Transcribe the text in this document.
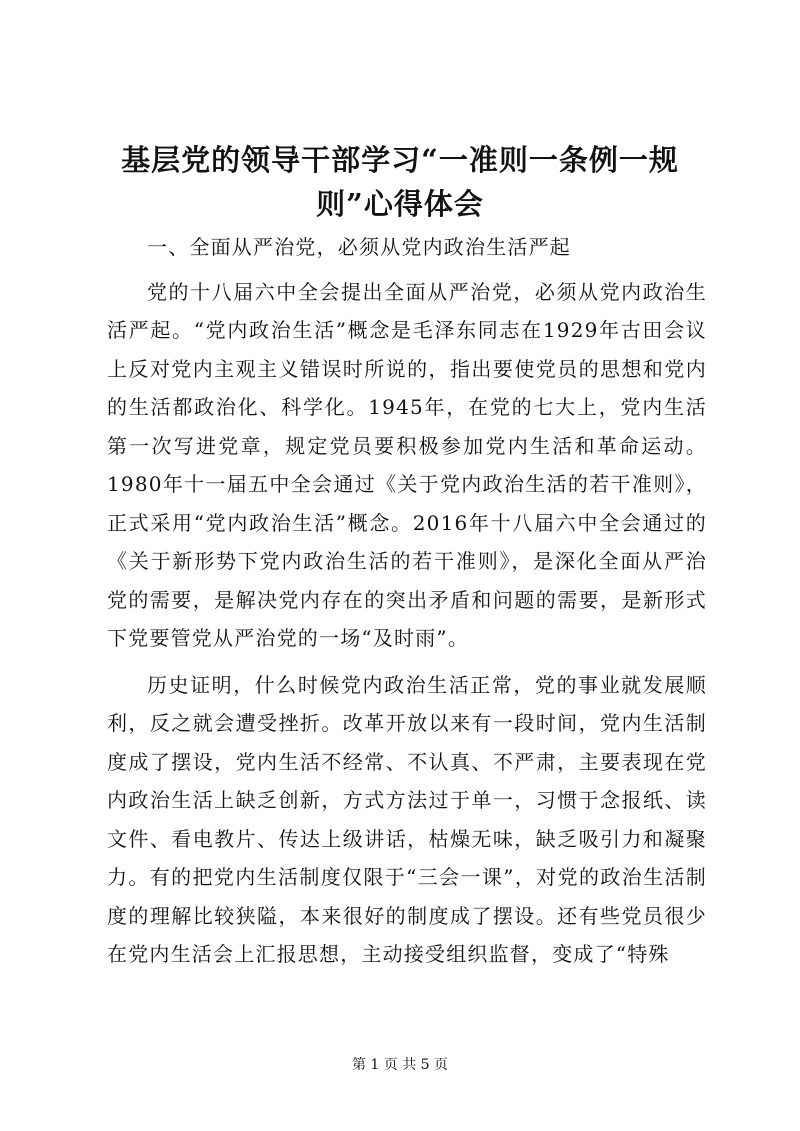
基层党的领导干部学习“一准则一条例一规则”心得体会

一、全面从严治党，必须从党内政治生活严起

党的十八届六中全会提出全面从严治党，必须从党内政治生活严起。“党内政治生活”概念是毛泽东同志在1929年古田会议上反对党内主观主义错误时所说的，指出要使党员的思想和党内的生活都政治化、科学化。1945年，在党的七大上，党内生活第一次写进党章，规定党员要积极参加党内生活和革命运动。1980年十一届五中全会通过《关于党内政治生活的若干准则》，正式采用“党内政治生活”概念。2016年十八届六中全会通过的《关于新形势下党内政治生活的若干准则》，是深化全面从严治党的需要，是解决党内存在的突出矛盾和问题的需要，是新形式下党要管党从严治党的一场“及时雨”。

历史证明，什么时候党内政治生活正常，党的事业就发展顺利，反之就会遭受挫折。改革开放以来有一段时间，党内生活制度成了摆设，党内生活不经常、不认真、不严肃，主要表现在党内政治生活上缺乏创新，方式方法过于单一，习惯于念报纸、读文件、看电教片、传达上级讲话，枯燥无味，缺乏吸引力和凝聚力。有的把党内生活制度仅限于“三会一课”，对党的政治生活制度的理解比较狭隘，本来很好的制度成了摆设。还有些党员很少在党内生活会上汇报思想，主动接受组织监督，变成了“特殊

第 1 页 共 5 页
